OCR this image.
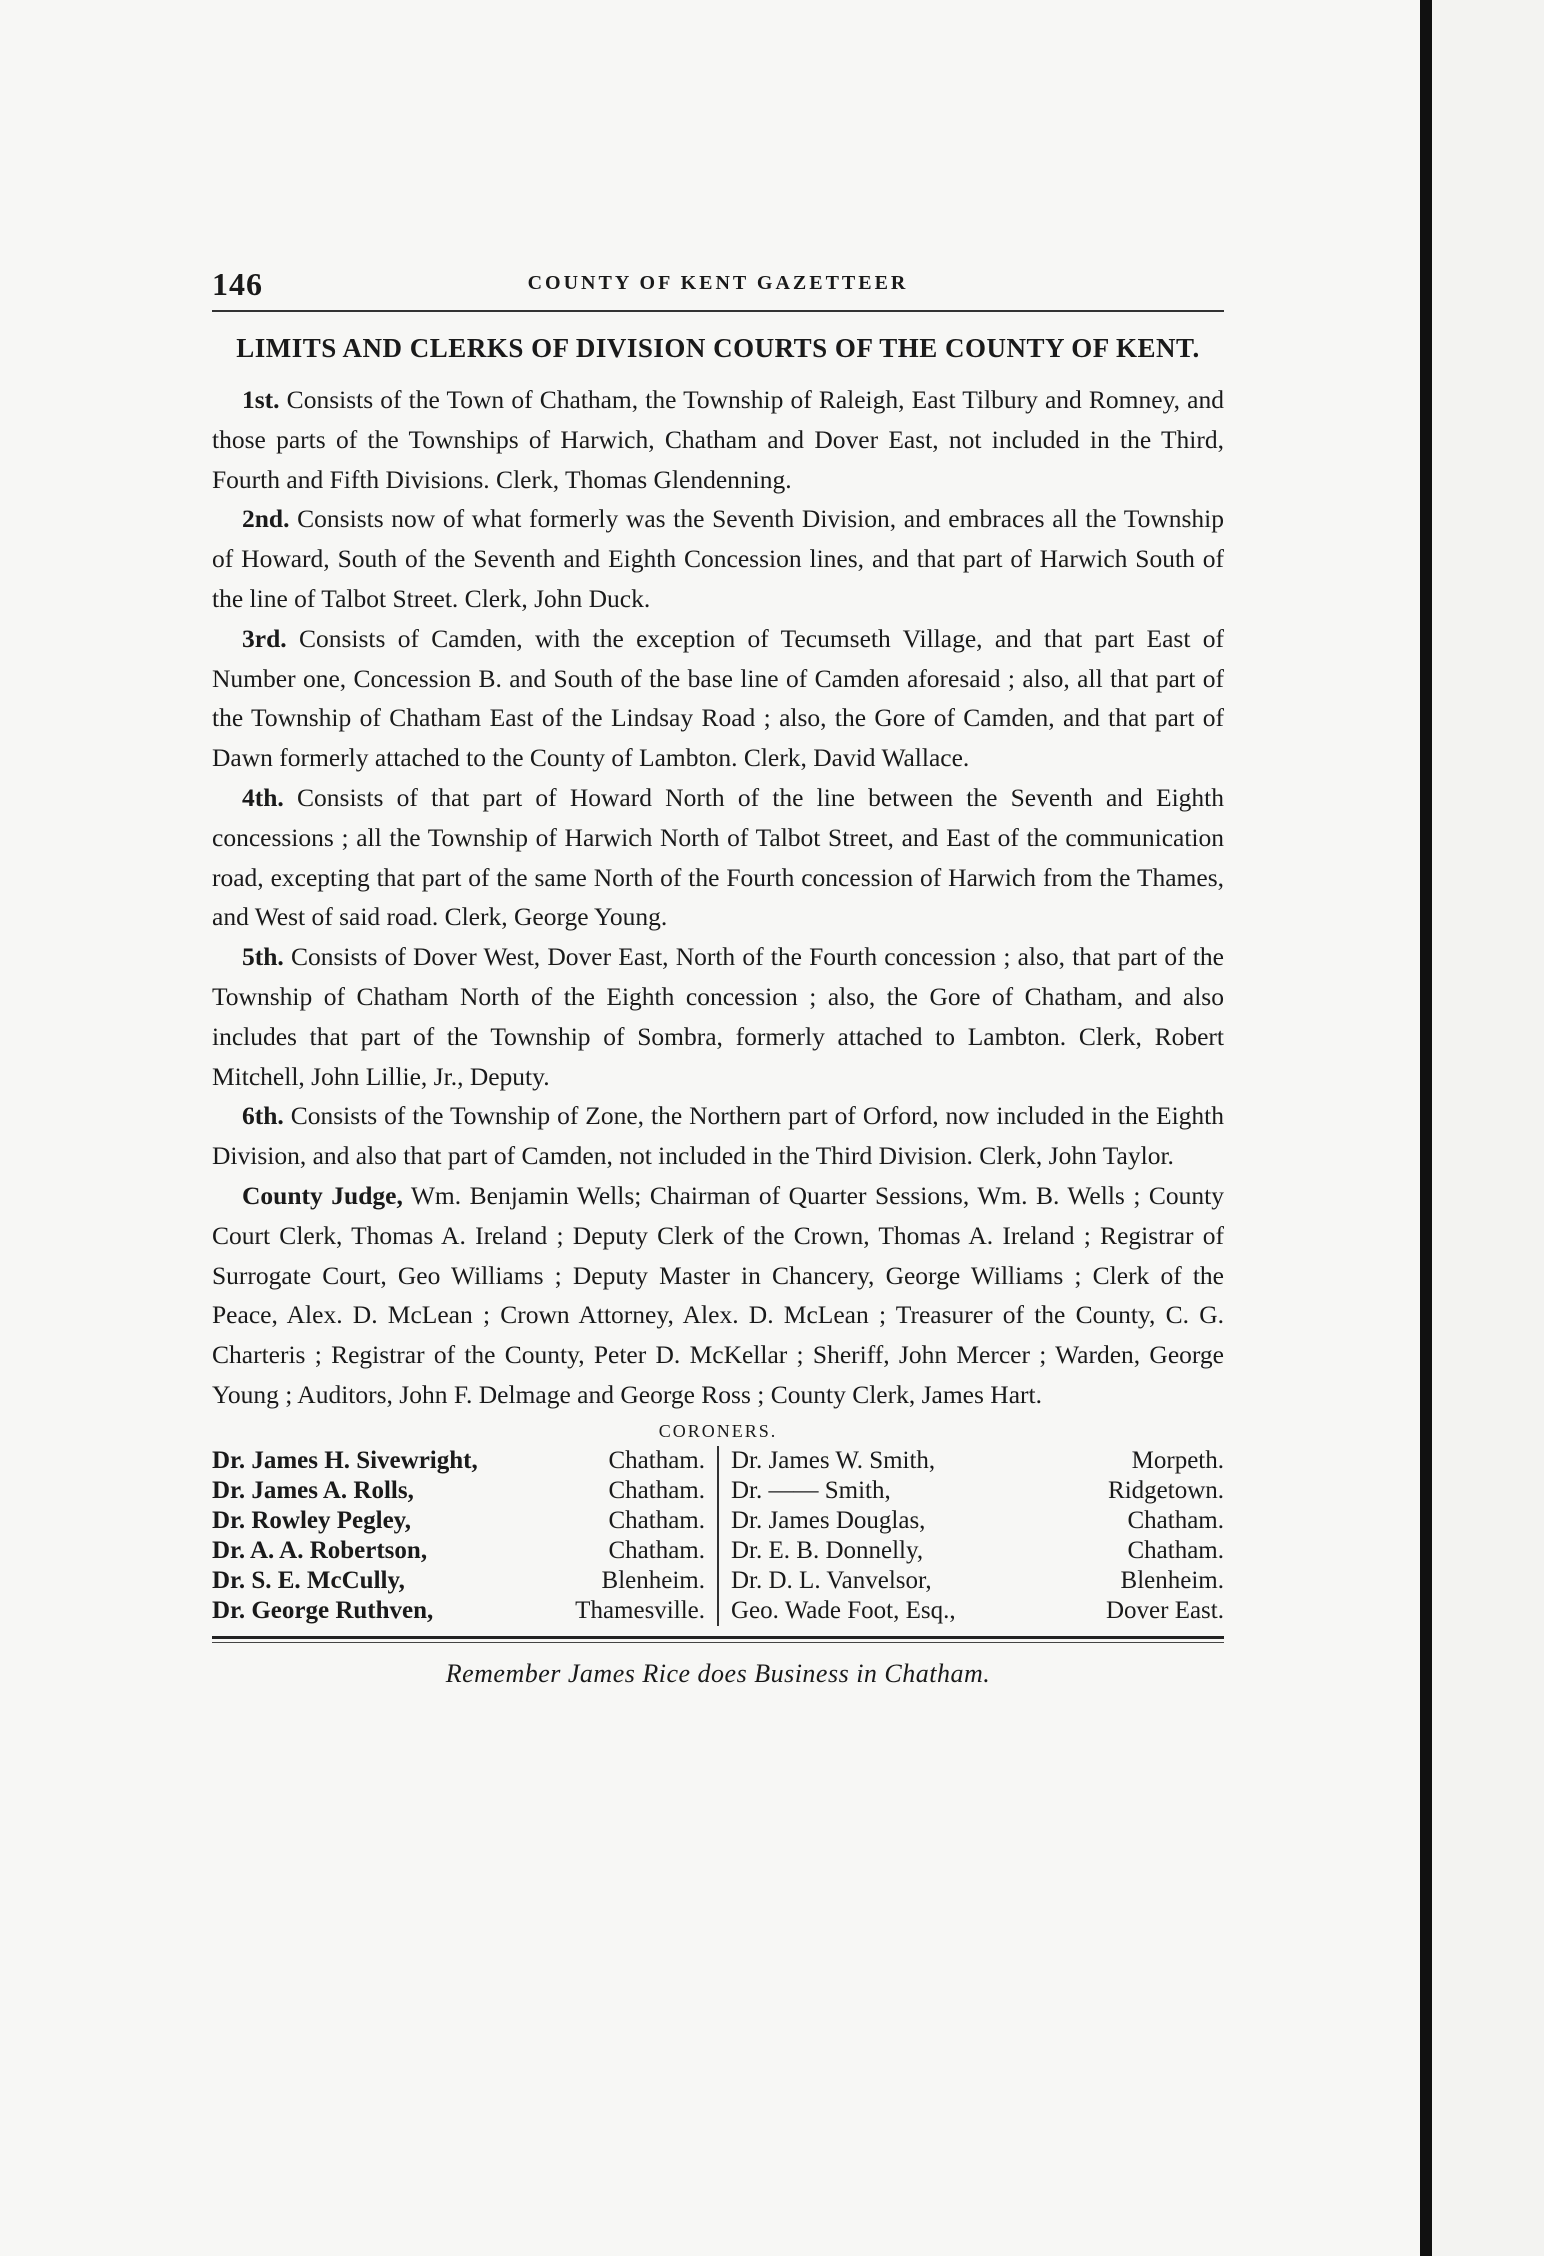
146	COUNTY OF KENT GAZETTEER
LIMITS AND CLERKS OF DIVISION COURTS OF THE COUNTY OF KENT.

1st. Consists of the Town of Chatham, the Township of Raleigh, East Tilbury and Romney, and those parts of the Townships of Harwich, Chatham and Dover East, not included in the Third, Fourth and Fifth Divisions. Clerk, Thomas Glendenning.

2nd. Consists now of what formerly was the Seventh Division, and embraces all the Township of Howard, South of the Seventh and Eighth Concession lines, and that part of Harwich South of the line of Talbot Street. Clerk, John Duck.

3rd. Consists of Camden, with the exception of Tecumseth Village, and that part East of Number one, Concession B. and South of the base line of Camden aforesaid ; also, all that part of the Township of Chatham East of the Lindsay Road ; also, the Gore of Camden, and that part of Dawn formerly attached to the County of Lambton. Clerk, David Wallace.

4th. Consists of that part of Howard North of the line between the Seventh and Eighth concessions ; all the Township of Harwich North of Talbot Street, and East of the communication road, excepting that part of the same North of the Fourth concession of Harwich from the Thames, and West of said road. Clerk, George Young.

5th. Consists of Dover West, Dover East, North of the Fourth concession ; also, that part of the Township of Chatham North of the Eighth concession ; also, the Gore of Chatham, and also includes that part of the Township of Sombra, formerly attached to Lambton. Clerk, Robert Mitchell, John Lillie, Jr., Deputy.

6th. Consists of the Township of Zone, the Northern part of Orford, now included in the Eighth Division, and also that part of Camden, not included in the Third Division. Clerk, John Taylor.

County Judge, Wm. Benjamin Wells; Chairman of Quarter Sessions, Wm. B. Wells ; County Court Clerk, Thomas A. Ireland ; Deputy Clerk of the Crown, Thomas A. Ireland ; Registrar of Surrogate Court, Geo Williams ; Deputy Master in Chancery, George Williams ; Clerk of the Peace, Alex. D. McLean ; Crown Attorney, Alex. D. McLean ; Treasurer of the County, C. G. Charteris ; Registrar of the County, Peter D. McKellar ; Sheriff, John Mercer ; Warden, George Young ; Auditors, John F. Delmage and George Ross ; County Clerk, James Hart.

CORONERS.
Dr. James H. Sivewright,	Chatham.
Dr. James A. Rolls,	Chatham.
Dr. Rowley Pegley,	Chatham.
Dr. A. A. Robertson,	Chatham.
Dr. S. E. McCully,	Blenheim.
Dr. George Ruthven,	Thamesville.
Dr. James W. Smith,	Morpeth.
Dr. —— Smith,	Ridgetown.
Dr. James Douglas,	Chatham.
Dr. E. B. Donnelly,	Chatham.
Dr. D. L. Vanvelsor,	Blenheim.
Geo. Wade Foot, Esq.,	Dover East.
Remember James Rice does Business in Chatham.
